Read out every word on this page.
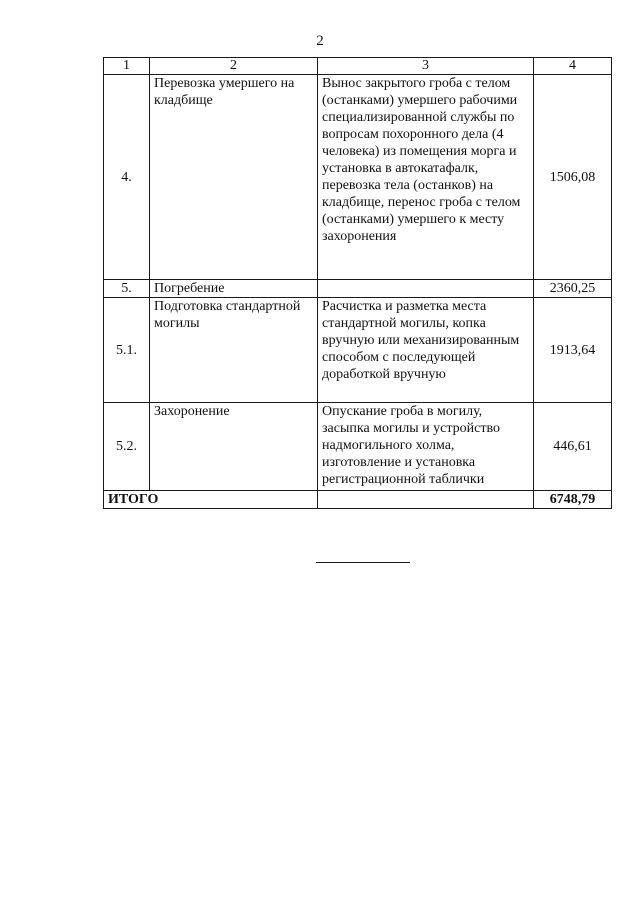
2
1	2	3	4
4.	Перевозка умершего на кладбище	Вынос закрытого гроба с телом (останками) умершего рабочими специализированной службы по вопросам похоронного дела (4 человека) из помещения морга и установка в автокатафалк, перевозка тела (останков) на кладбище, перенос гроба с телом (останками) умершего к месту захоронения	1506,08
5.	Погребение		2360,25
5.1.	Подготовка стандартной могилы	Расчистка и разметка места стандартной могилы, копка вручную или механизированным способом с последующей доработкой вручную	1913,64
5.2.	Захоронение	Опускание гроба в могилу, засыпка могилы и устройство надмогильного холма, изготовление и установка регистрационной таблички	446,61
ИТОГО			6748,79
